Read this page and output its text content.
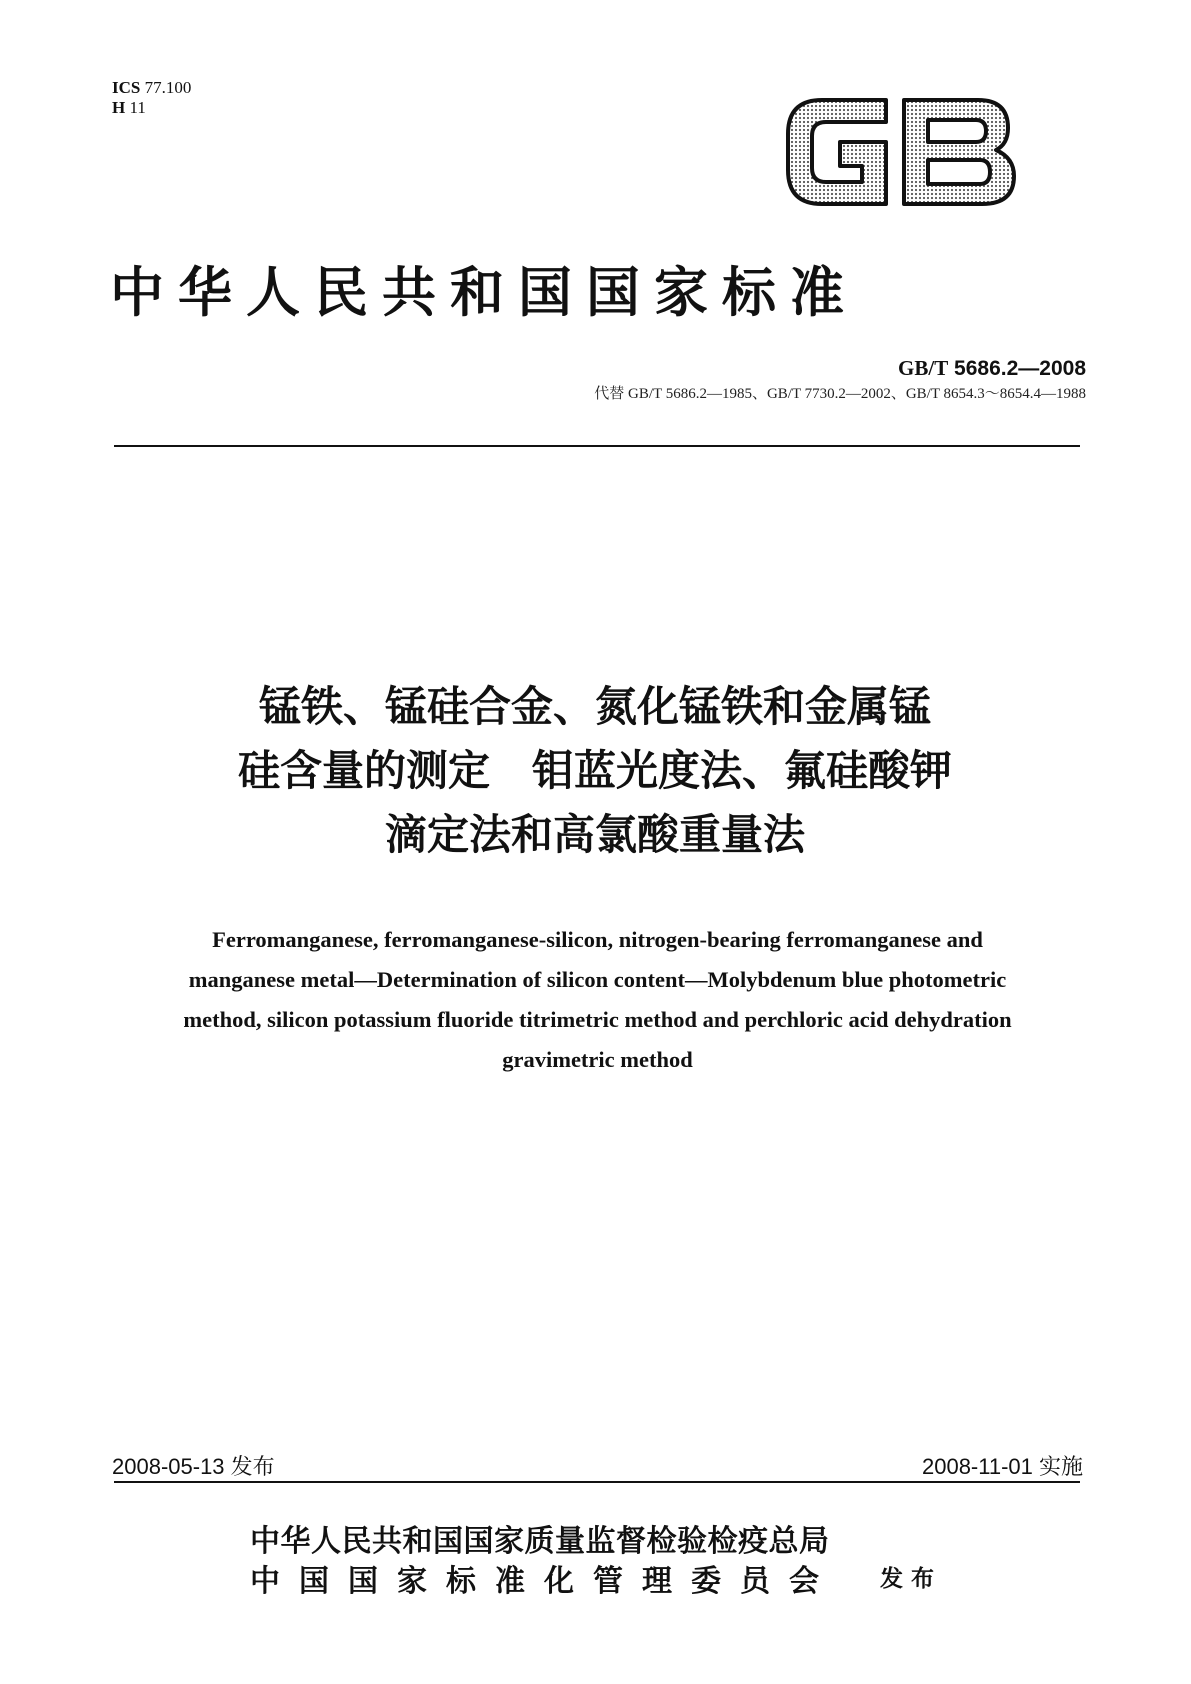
ICS 77.100
H 11
中华人民共和国国家标准
GB/T 5686.2—2008
代替 GB/T 5686.2—1985、GB/T 7730.2—2002、GB/T 8654.3～8654.4—1988
锰铁、锰硅合金、氮化锰铁和金属锰
硅含量的测定　钼蓝光度法、氟硅酸钾
滴定法和高氯酸重量法
Ferromanganese, ferromanganese-silicon, nitrogen-bearing ferromanganese and
manganese metal—Determination of silicon content—Molybdenum blue photometric
method, silicon potassium fluoride titrimetric method and perchloric acid dehydration
gravimetric method
2008-05-13 发布	2008-11-01 实施
中华人民共和国国家质量监督检验检疫总局
中国国家标准化管理委员会 发布
